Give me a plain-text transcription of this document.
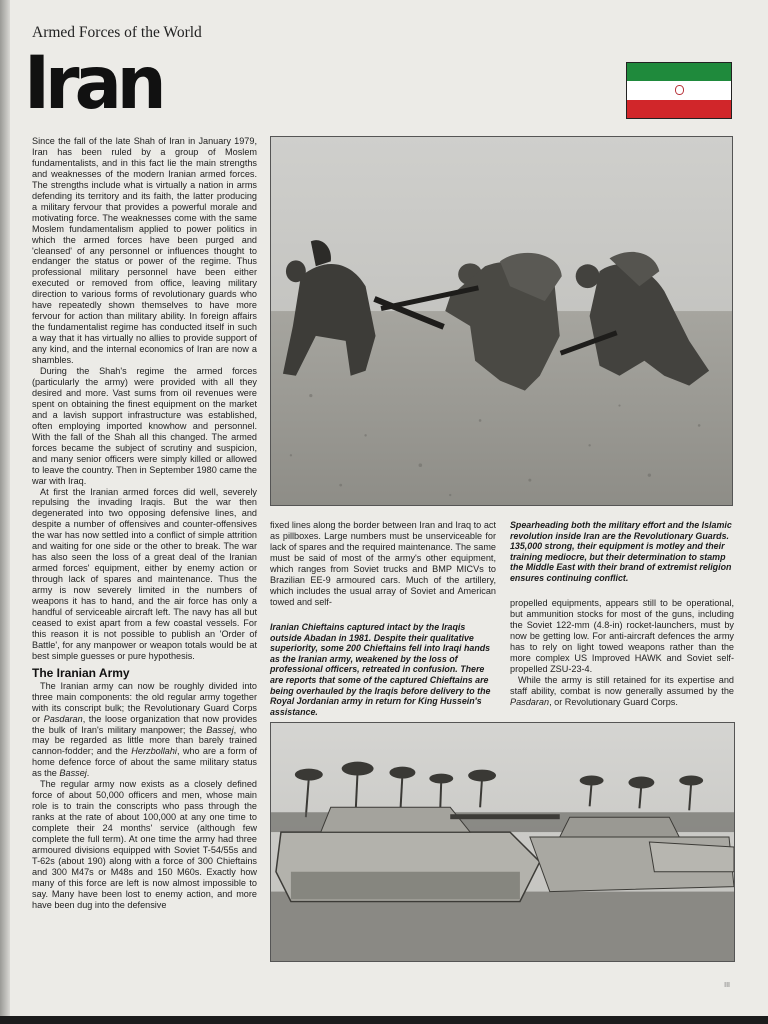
Armed Forces of the World
Iran

Since the fall of the late Shah of Iran in January 1979, Iran has been ruled by a group of Moslem fundamentalists, and in this fact lie the main strengths and weaknesses of the modern Iranian armed forces. The strengths include what is virtually a nation in arms defending its territory and its faith, the latter producing a military fervour that provides a powerful morale and motivating force. The weaknesses come with the same Moslem fundamentalism applied to power politics in which the armed forces have been purged and 'cleansed' of any personnel or influences thought to endanger the status or power of the regime. Thus professional military personnel have been either executed or removed from office, leaving military direction to various forms of revolutionary guards who have repeatedly shown themselves to have more fervour for action than military ability. In foreign affairs the fundamentalist regime has conducted itself in such a way that it has virtually no allies to provide support of any kind, and the internal economics of Iran are now a shambles.

During the Shah's regime the armed forces (particularly the army) were provided with all they desired and more. Vast sums from oil revenues were spent on obtaining the finest equipment on the market and a lavish support infrastructure was established, often employing imported knowhow and personnel. With the fall of the Shah all this changed. The armed forces became the subject of scrutiny and suspicion, and many senior officers were simply killed or allowed to leave the country. Then in September 1980 came the war with Iraq.

At first the Iranian armed forces did well, severely repulsing the invading Iraqis. But the war then degenerated into two opposing defensive lines, and despite a number of offensives and counter-offensives the war has now settled into a conflict of simple attrition and waiting for one side or the other to break. The war has also seen the loss of a great deal of the Iranian armed forces' equipment, either by enemy action or through lack of spares and maintenance. Thus the army is now severely limited in the numbers of weapons it has to hand, and the air force has only a handful of serviceable aircraft left. The navy has all but ceased to exist apart from a few coastal vessels. For this reason it is not possible to publish an 'Order of Battle', for any manpower or weapon totals would be at best simple guesses or pure hypothesis.

The Iranian Army

The Iranian army can now be roughly divided into three main components: the old regular army together with its conscript bulk; the Revolutionary Guard Corps or Pasdaran, the loose organization that now provides the bulk of Iran's military manpower; the Bassej, who may be regarded as little more than barely trained cannon-fodder; and the Herzbollahi, who are a form of home defence force of about the same military status as the Bassej.

The regular army now exists as a closely defined force of about 50,000 officers and men, whose main role is to train the conscripts who pass through the ranks at the rate of about 100,000 at any one time to complete their 24 months' service (although few complete the full term). At one time the army had three armoured divisions equipped with Soviet T-54/55s and T-62s (about 190) along with a force of 300 Chieftains and 300 M47s or M48s and 150 M60s. Exactly how many of this force are left is now almost impossible to say. Many have been lost to enemy action, and more have been dug into the defensive

fixed lines along the border between Iran and Iraq to act as pillboxes. Large numbers must be unserviceable for lack of spares and the required maintenance. The same must be said of most of the army's other equipment, which ranges from Soviet trucks and BMP MICVs to Brazilian EE-9 armoured cars. Much of the artillery, which includes the usual array of Soviet and American towed and self-

Iranian Chieftains captured intact by the Iraqis outside Abadan in 1981. Despite their qualitative superiority, some 200 Chieftains fell into Iraqi hands as the Iranian army, weakened by the loss of professional officers, retreated in confusion. There are reports that some of the captured Chieftains are being overhauled by the Iraqis before delivery to the Royal Jordanian army in return for King Hussein's assistance.
Spearheading both the military effort and the Islamic revolution inside Iran are the Revolutionary Guards. 135,000 strong, their equipment is motley and their training mediocre, but their determination to stamp the Middle East with their brand of extremist religion ensures continuing conflict.

propelled equipments, appears still to be operational, but ammunition stocks for most of the guns, including the Soviet 122-mm (4.8-in) rocket-launchers, must by now be getting low. For anti-aircraft defences the army has to rely on light towed weapons rather than the more complex US Improved HAWK and Soviet self-propelled ZSU-23-4.

While the army is still retained for its expertise and staff ability, combat is now generally assumed by the Pasdaran, or Revolutionary Guard Corps.

III
